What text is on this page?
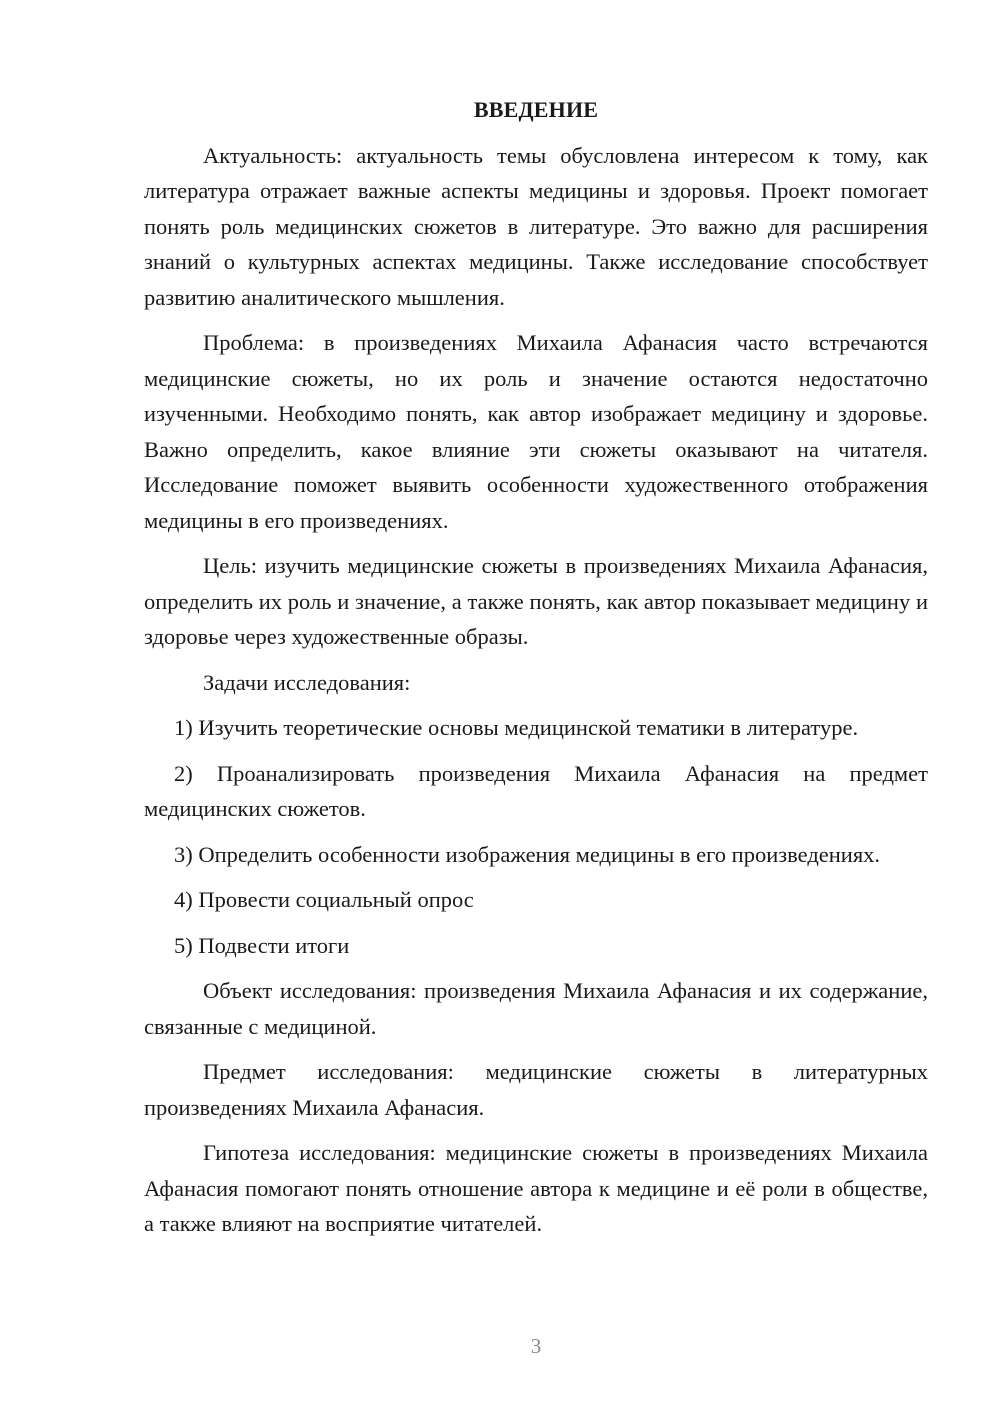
ВВЕДЕНИЕ

Актуальность: актуальность темы обусловлена интересом к тому, как литература отражает важные аспекты медицины и здоровья. Проект помогает понять роль медицинских сюжетов в литературе. Это важно для расширения знаний о культурных аспектах медицины. Также исследование способствует развитию аналитического мышления.

Проблема: в произведениях Михаила Афанасия часто встречаются медицинские сюжеты, но их роль и значение остаются недостаточно изученными. Необходимо понять, как автор изображает медицину и здоровье. Важно определить, какое влияние эти сюжеты оказывают на читателя. Исследование поможет выявить особенности художественного отображения медицины в его произведениях.

Цель: изучить медицинские сюжеты в произведениях Михаила Афанасия, определить их роль и значение, а также понять, как автор показывает медицину и здоровье через художественные образы.

Задачи исследования:

1) Изучить теоретические основы медицинской тематики в литературе.

2) Проанализировать произведения Михаила Афанасия на предмет медицинских сюжетов.

3) Определить особенности изображения медицины в его произведениях.

4) Провести социальный опрос

5) Подвести итоги

Объект исследования: произведения Михаила Афанасия и их содержание, связанные с медициной.

Предмет исследования: медицинские сюжеты в литературных произведениях Михаила Афанасия.

Гипотеза исследования: медицинские сюжеты в произведениях Михаила Афанасия помогают понять отношение автора к медицине и её роли в обществе, а также влияют на восприятие читателей.

3
